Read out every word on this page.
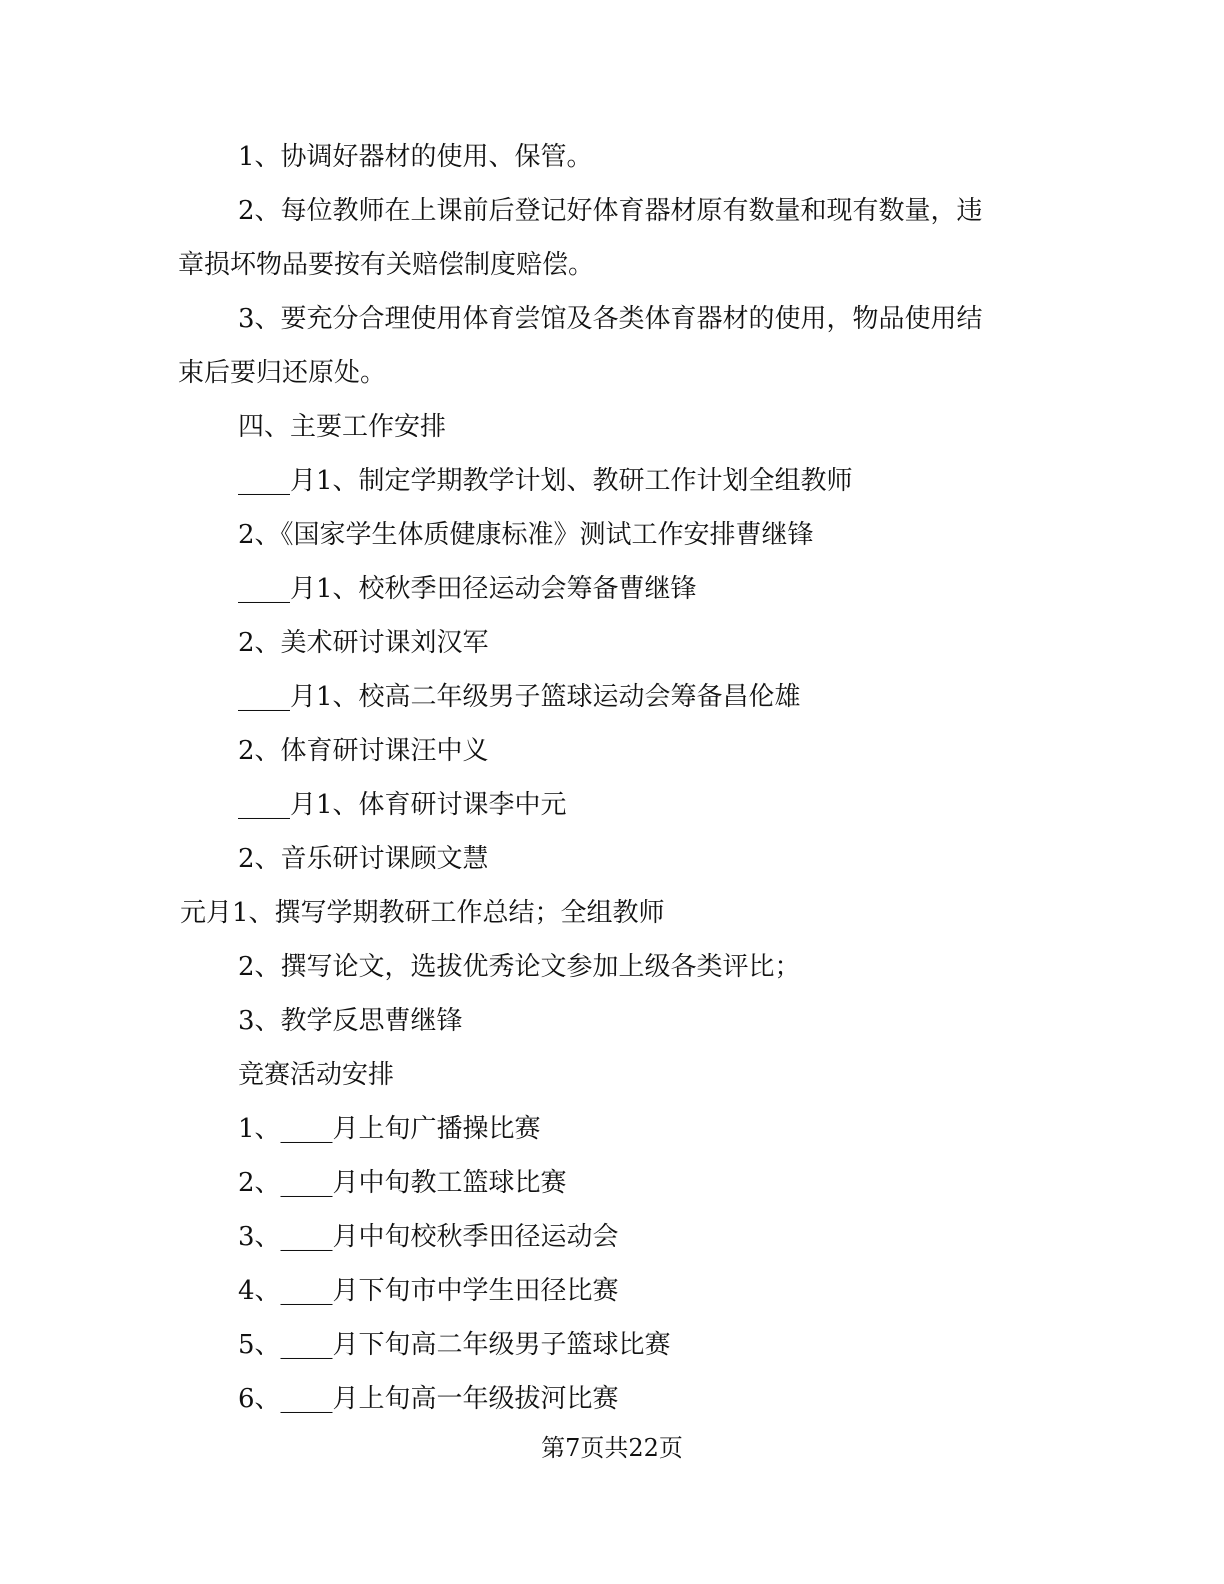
1、协调好器材的使用、保管。
2、每位教师在上课前后登记好体育器材原有数量和现有数量，违
章损坏物品要按有关赔偿制度赔偿。
3、要充分合理使用体育尝馆及各类体育器材的使用，物品使用结
束后要归还原处。
四、主要工作安排
____月1、制定学期教学计划、教研工作计划全组教师
2、《国家学生体质健康标准》测试工作安排曹继锋
____月1、校秋季田径运动会筹备曹继锋
2、美术研讨课刘汉军
____月1、校高二年级男子篮球运动会筹备昌伦雄
2、体育研讨课汪中义
____月1、体育研讨课李中元
2、音乐研讨课顾文慧
元月1、撰写学期教研工作总结；全组教师
2、撰写论文，选拔优秀论文参加上级各类评比；
3、教学反思曹继锋
竞赛活动安排
1、____月上旬广播操比赛
2、____月中旬教工篮球比赛
3、____月中旬校秋季田径运动会
4、____月下旬市中学生田径比赛
5、____月下旬高二年级男子篮球比赛
6、____月上旬高一年级拔河比赛
第7页共22页
